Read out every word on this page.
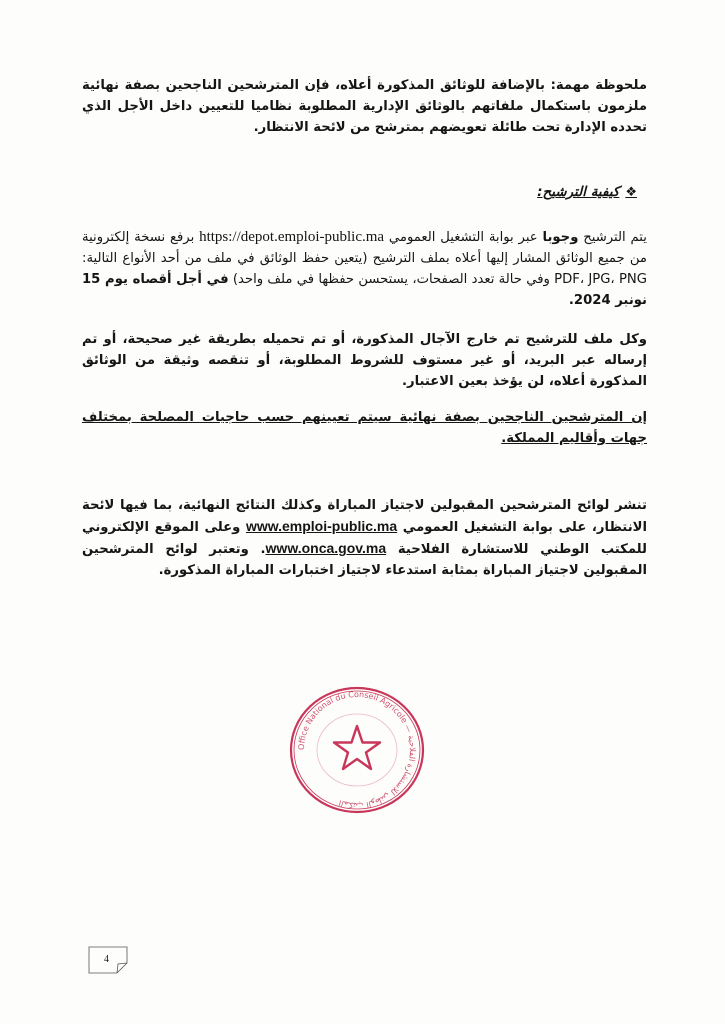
ملحوظة مهمة: بالإضافة للوثائق المذكورة أعلاه، فإن المترشحين الناجحين بصفة نهائية ملزمون باستكمال ملفاتهم بالوثائق الإدارية المطلوبة نظاميا للتعيين داخل الأجل الذي تحدده الإدارة تحت طائلة تعويضهم بمترشح من لائحة الانتظار.

❖كيفية الترشيح:

يتم الترشيح وجوبا عبر بوابة التشغيل العمومي https://depot.emploi-public.ma برفع نسخة إلكترونية من جميع الوثائق المشار إليها أعلاه بملف الترشيح (يتعين حفظ الوثائق في ملف من أحد الأنواع التالية: PDF، JPG، PNG وفي حالة تعدد الصفحات، يستحسن حفظها في ملف واحد) في أجل أقصاه يوم 15 نونبر 2024.

وكل ملف للترشيح تم خارج الآجال المذكورة، أو تم تحميله بطريقة غير صحيحة، أو تم إرساله عبر البريد، أو غير مستوف للشروط المطلوبة، أو تنقصه وثيقة من الوثائق المذكورة أعلاه، لن يؤخذ بعين الاعتبار.

إن المترشحين الناجحين بصفة نهائية سيتم تعيينهم حسب حاجيات المصلحة بمختلف جهات وأقاليم المملكة.

تنشر لوائح المترشحين المقبولين لاجتياز المباراة وكذلك النتائج النهائية، بما فيها لائحة الانتظار، على بوابة التشغيل العمومي www.emploi-public.ma وعلى الموقع الإلكتروني للمكتب الوطني للاستشارة الفلاحية www.onca.gov.ma. وتعتبر لوائح المترشحين المقبولين لاجتياز المباراة بمثابة استدعاء لاجتياز اختبارات المباراة المذكورة.

Office National du Conseil Agricole — المكتب الوطني للاستشارة الفلاحية
4
